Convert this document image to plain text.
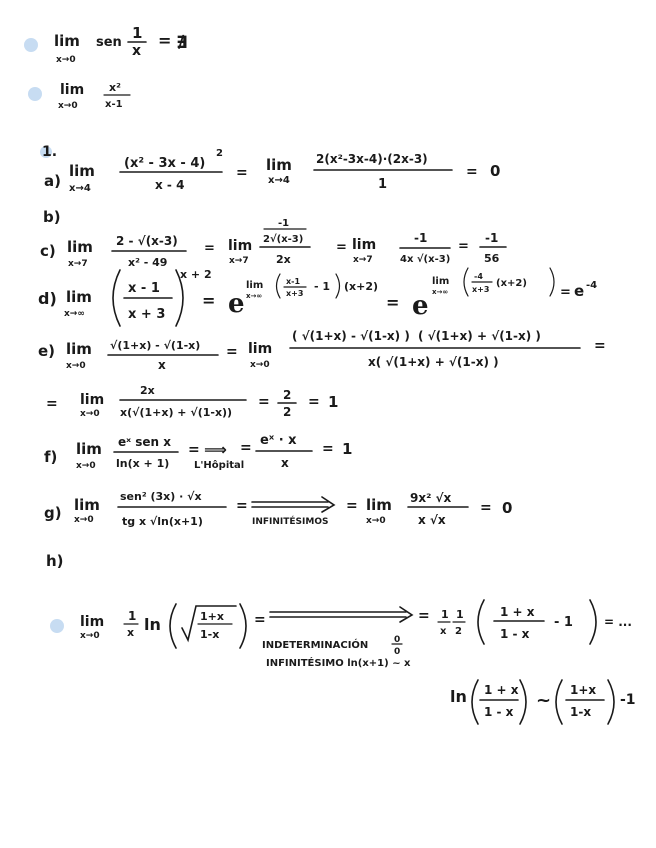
lim
x→0
sen
1
x
= ∄
lim
x→0
x²
x-1
1.
a)
lim
x→4
(x² - 3x - 4)
2
x - 4
= lim
x→4
2(x²-3x-4)·(2x-3)
1
= 0
b)
c) lim
x→7
2 - √(x-3)
x² - 49
= lim
x→7
-1
2√(x-3)
2x
= lim
x→7
-1
4x √(x-3)
=
-1
56
d) lim
x→∞
x - 1
x + 3
x + 2
= e
lim
x→∞
x-1
x+3
- 1 (x+2)
= e
lim
x→∞
-4
x+3
(x+2)
= e -4
e) lim
x→0
√(1+x) - √(1-x)
x
= lim
x→0
( √(1+x) - √(1-x) ) ( √(1+x) + √(1-x) )
x( √(1+x) + √(1-x) )
=
= lim
x→0
2x
x(√(1+x) + √(1-x))
= 2
2
= 1
f) lim
x→0
eˣ sen x
ln(x + 1)
= ⟹
L'Hôpital
= eˣ · x
x
= 1
g) lim
x→0
sen² (3x) · √x
tg x √ln(x+1)
=
INFINITÉSIMOS
= lim
x→0
9x² √x
x √x
= 0
h)
lim
x→0
1
x ln	1+x
1-x
=	= 1
x
1
2
1 + x
1 - x
- 1	= ...
INDETERMINACIÓN	0
0
INFINITÉSIMO ln(x+1) ~ x
ln 1 + x
1 - x
~ 1+x
1-x
-1
